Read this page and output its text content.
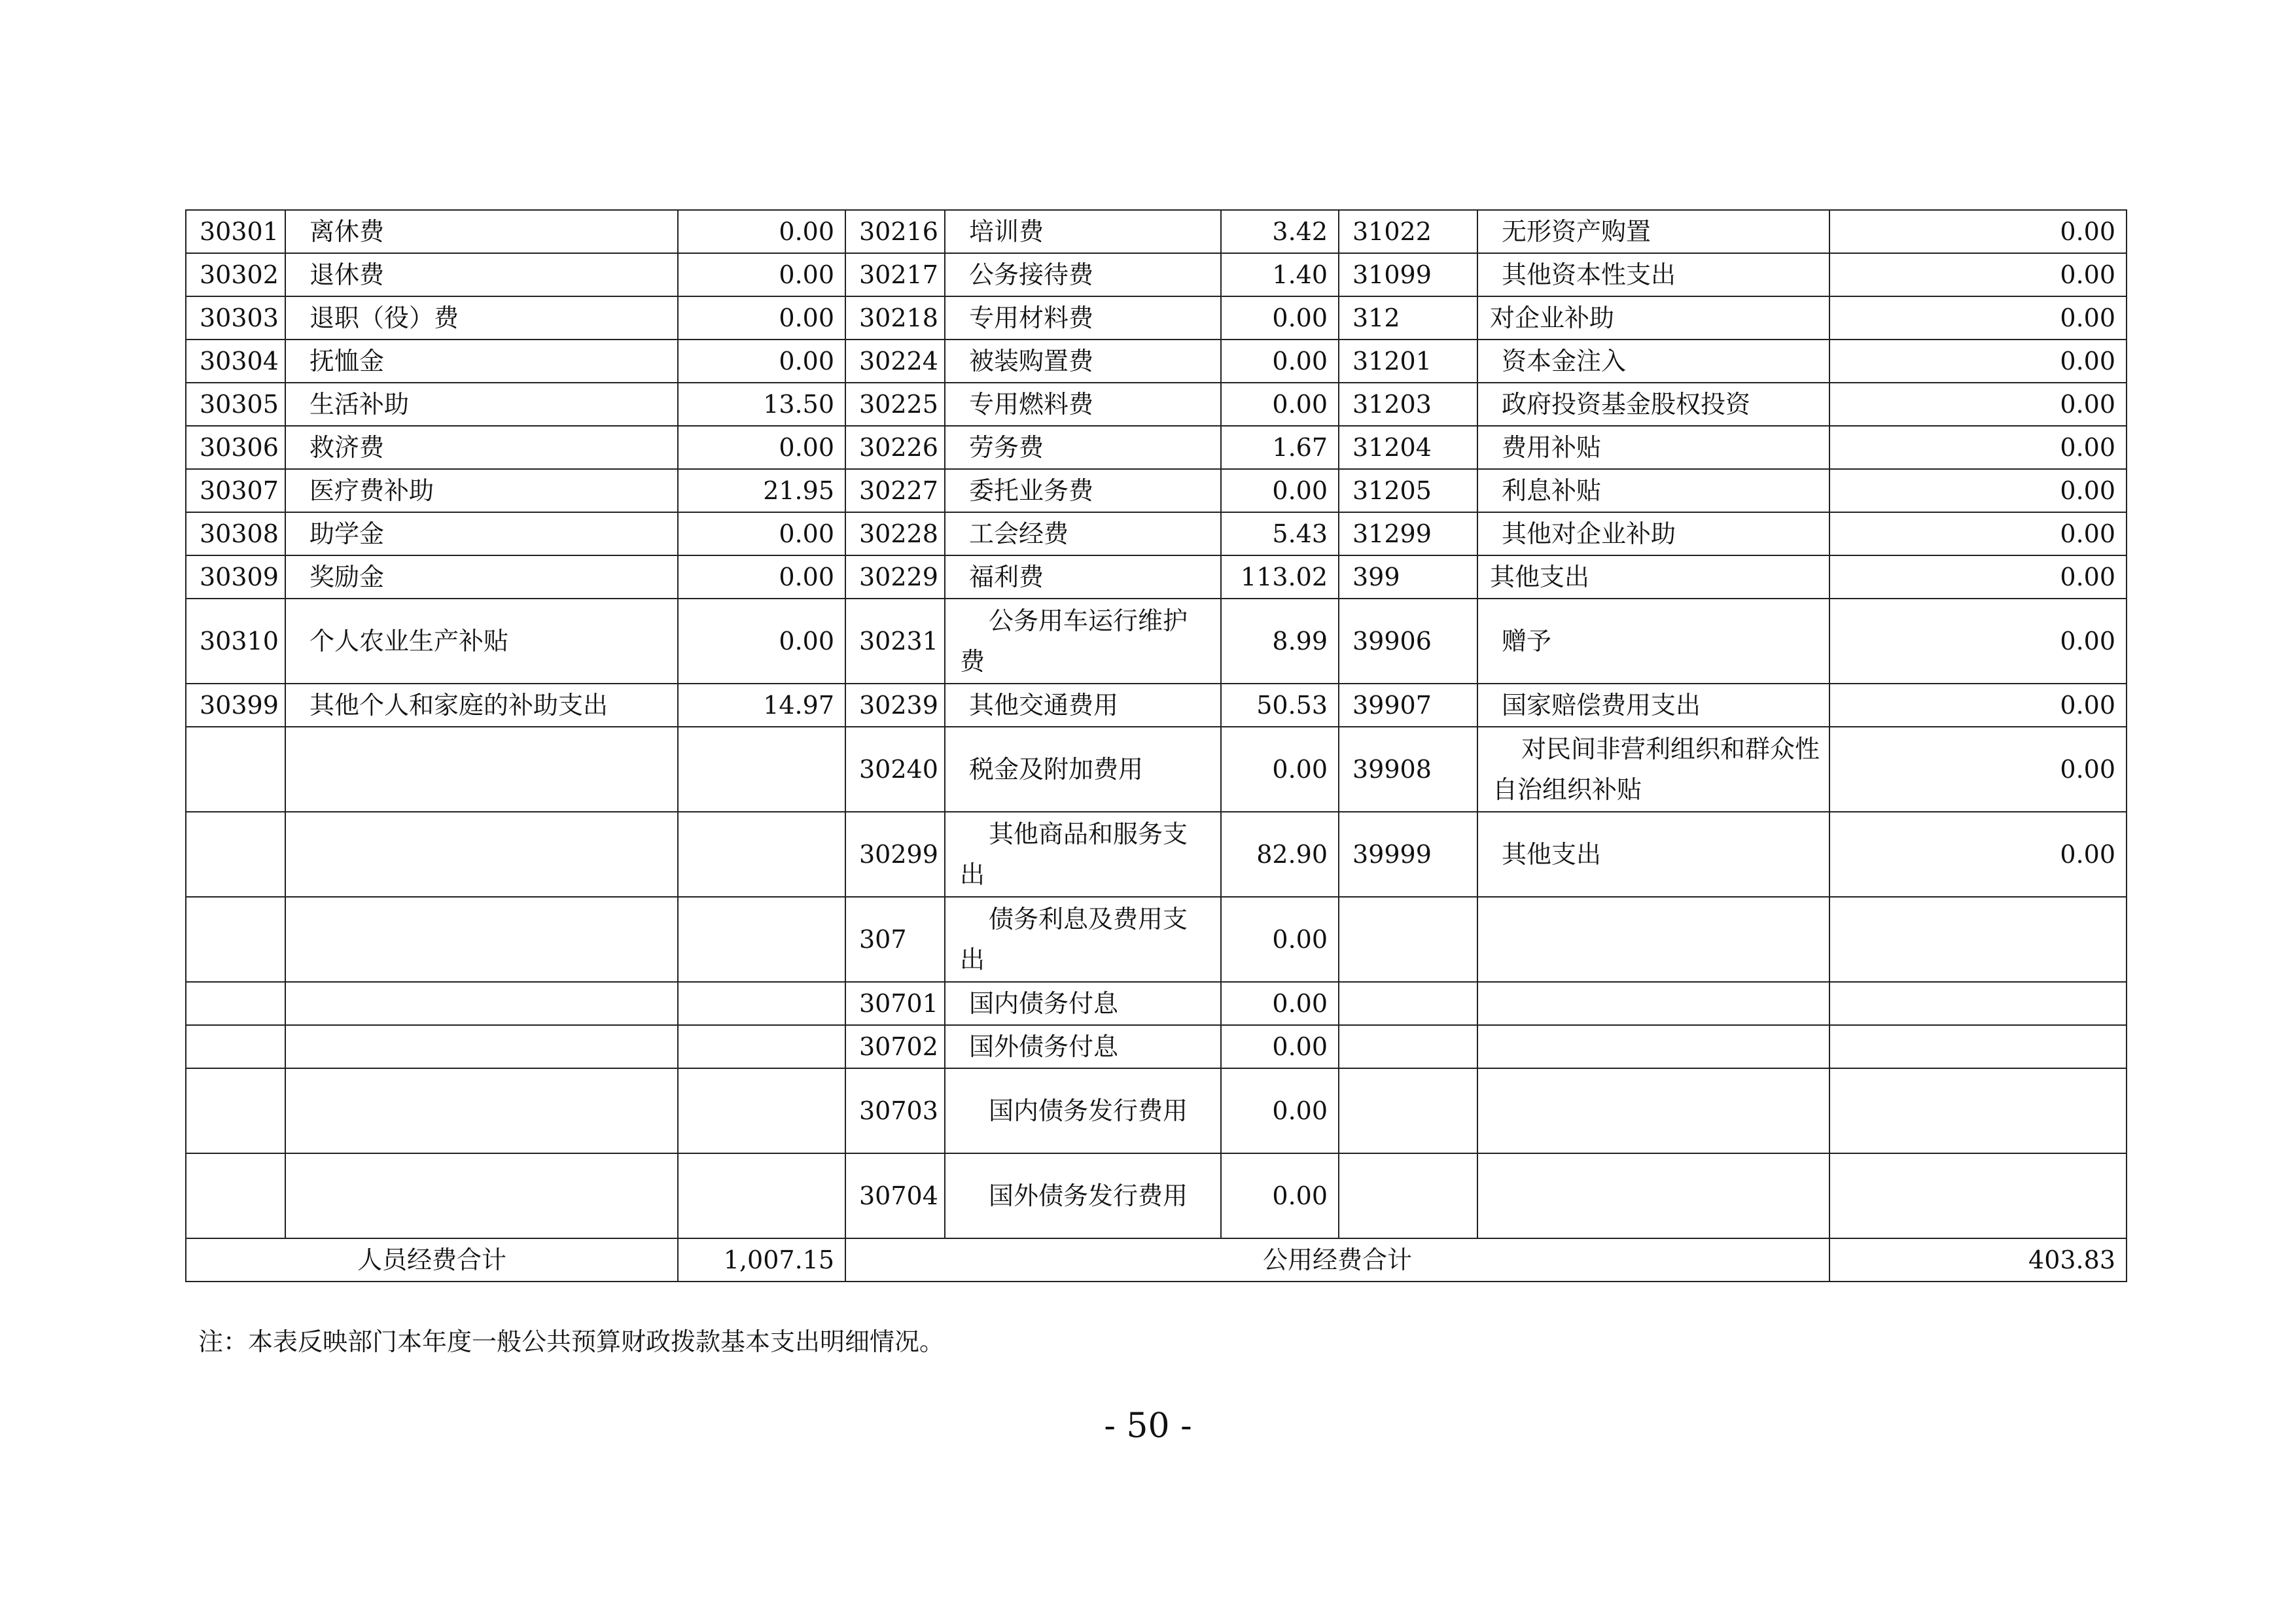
30301	离休费	0.00	30216	培训费	3.42	31022	无形资产购置	0.00
30302	退休费	0.00	30217	公务接待费	1.40	31099	其他资本性支出	0.00
30303	退职（役）费	0.00	30218	专用材料费	0.00	312	对企业补助	0.00
30304	抚恤金	0.00	30224	被装购置费	0.00	31201	资本金注入	0.00
30305	生活补助	13.50	30225	专用燃料费	0.00	31203	政府投资基金股权投资	0.00
30306	救济费	0.00	30226	劳务费	1.67	31204	费用补贴	0.00
30307	医疗费补助	21.95	30227	委托业务费	0.00	31205	利息补贴	0.00
30308	助学金	0.00	30228	工会经费	5.43	31299	其他对企业补助	0.00
30309	奖励金	0.00	30229	福利费	113.02	399	其他支出	0.00
30310	个人农业生产补贴	0.00	30231	公务用车运行维护费	8.99	39906	赠予	0.00
30399	其他个人和家庭的补助支出	14.97	30239	其他交通费用	50.53	39907	国家赔偿费用支出	0.00
			30240	税金及附加费用	0.00	39908	对民间非营利组织和群众性自治组织补贴	0.00
			30299	其他商品和服务支出	82.90	39999	其他支出	0.00
			307	债务利息及费用支出	0.00			
			30701	国内债务付息	0.00			
			30702	国外债务付息	0.00			
			30703	国内债务发行费用	0.00			
			30704	国外债务发行费用	0.00			
人员经费合计		1,007.15	公用经费合计					403.83
注：本表反映部门本年度一般公共预算财政拨款基本支出明细情况。
- 50 -
